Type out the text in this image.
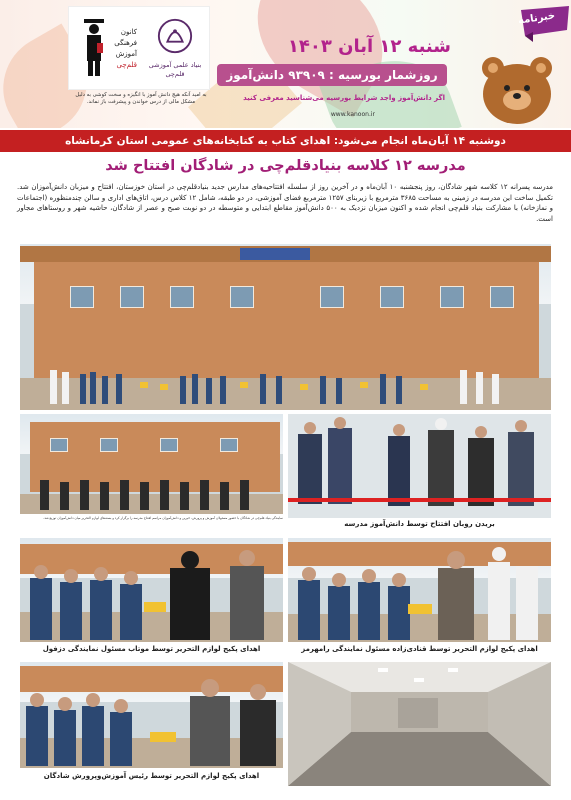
کانون
فرهنگی
آموزش
قلم‌چی	بنیاد علمی آموزشی قلم‌چی
به امید آنکه هیچ دانش آموز با انگیزه و سخت کوشی به دلیل مشکل مالی از درس خواندن و پیشرفت باز نماند.
خبرنامه
شنبه ۱۲ آبان ۱۴۰۳
روزشمار بورسیه : ۹۳۹۰۹ دانش‌آموز
اگر دانش‌آموز واجد شرایط بورسیه می‌شناسید معرفی کنید
www.kanoon.ir
دوشنبه ۱۴ آبان‌ماه انجام می‌شود: اهدای کتاب به کتابخانه‌های عمومی استان کرمانشاه
مدرسه ۱۲ کلاسه بنیادقلم‌چی در شادگان افتتاح شد
مدرسه پسرانه ۱۲ کلاسه شهر شادگان، روز پنجشنبه ۱۰ آبان‌ماه و در آخرین روز از سلسله افتتاحیه‌های مدارس جدید بنیادقلم‌چی در استان خوزستان، افتتاح و میزبان دانش‌آموزان شد. تکمیل ساخت این مدرسه در زمینی به مساحت ۳۶۸۵ مترمربع با زیربنای ۱۲۵۷ مترمربع فضای آموزشی، در دو طبقه، شامل ۱۲ کلاس درس، اتاق‌های اداری و سالن چندمنظوره (اجتماعات و نمازخانه) با مشارکت بنیاد قلم‌چی انجام شده و اکنون میزبان نزدیک به ۵۰۰ دانش‌آموز مقاطع ابتدایی و متوسطه در دو نوبت صبح و عصر از شادگان، حاشیه شهر و روستاهای مجاور است.
نمایندگی بنیاد قلم‌چی در شادگان با حضور مسئولان آموزش و پرورش، خیرین و دانش‌آموزان مراسم افتتاح مدرسه را برگزار کرد و بسته‌های لوازم التحریر میان دانش‌آموزان توزیع شد.
بریدن روبان افتتاح توسط دانش‌آموز مدرسه
اهدای پکیج لوازم التحریر توسط موتاب مسئول نمایندگی دزفول	اهدای پکیج لوازم التحریر توسط قنادی‌زاده مسئول نمایندگی رامهرمز
اهدای پکیج لوازم التحریر توسط رئیس آموزش‌وپرورش شادگان
